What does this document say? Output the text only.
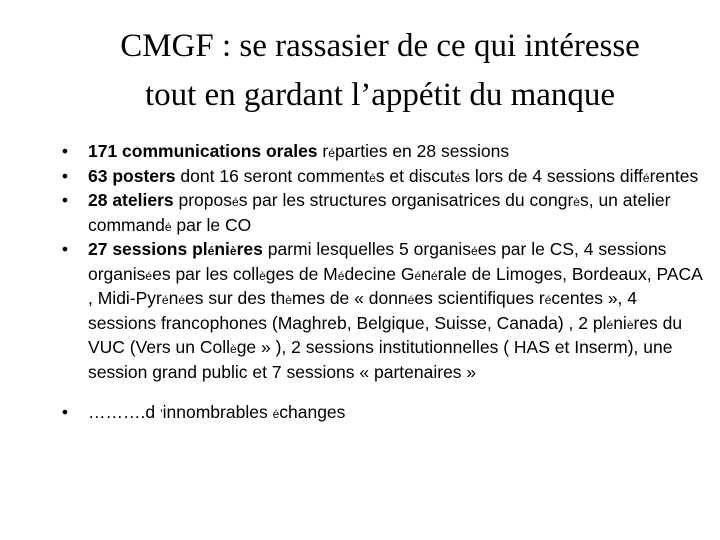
CMGF : se rassasier de ce qui intéresse
tout en gardant l’appétit du manque
• 171 communications orales réparties en 28 sessions
• 63 posters dont 16 seront commentés et discutés lors de 4 sessions différentes
• 28 ateliers proposés par les structures organisatrices du congrès, un atelier commandé par le CO
• 27 sessions plénières parmi lesquelles 5 organisées par le CS, 4 sessions organisées par les collèges de Médecine Générale de Limoges, Bordeaux, PACA , Midi-Pyrénées sur des thèmes de « données scientifiques récentes », 4 sessions francophones (Maghreb, Belgique, Suisse, Canada) , 2 plénières du VUC (Vers un Collège » ), 2 sessions institutionnelles ( HAS et Inserm), une session grand public et 7 sessions « partenaires »
• ……….d ’innombrables échanges
